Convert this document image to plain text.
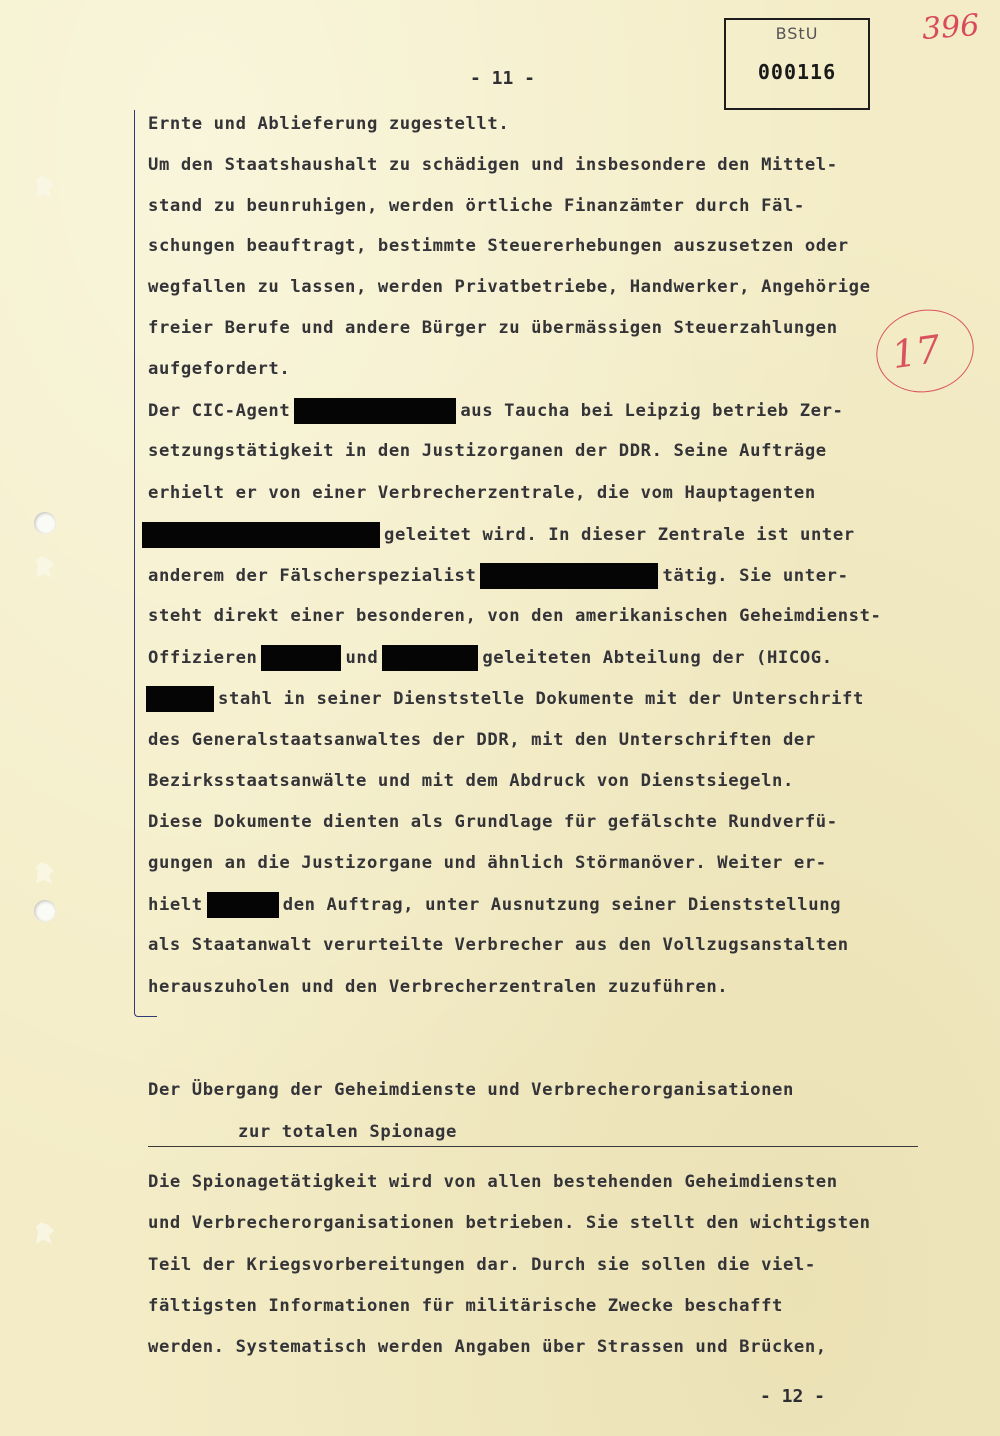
BStU
000116
396
- 11 -
17
Ernte und Ablieferung zugestellt.
Um den Staatshaushalt zu schädigen und insbesondere den Mittel-
stand zu beunruhigen, werden örtliche Finanzämter durch Fäl-
schungen beauftragt, bestimmte Steuererhebungen auszusetzen oder
wegfallen zu lassen, werden Privatbetriebe, Handwerker, Angehörige
freier Berufe und andere Bürger zu übermässigen Steuerzahlungen
aufgefordert.
Der CIC-Agent	aus Taucha bei Leipzig betrieb Zer-
setzungstätigkeit in den Justizorganen der DDR. Seine Aufträge
erhielt er von einer Verbrecherzentrale, die vom Hauptagenten
geleitet wird. In dieser Zentrale ist unter
anderem der Fälscherspezialist	tätig. Sie unter-
steht direkt einer besonderen, von den amerikanischen Geheimdienst-
Offizieren	und	geleiteten Abteilung der (HICOG.
stahl in seiner Dienststelle Dokumente mit der Unterschrift
des Generalstaatsanwaltes der DDR, mit den Unterschriften der
Bezirksstaatsanwälte und mit dem Abdruck von Dienstsiegeln.
Diese Dokumente dienten als Grundlage für gefälschte Rundverfü-
gungen an die Justizorgane und ähnlich Störmanöver. Weiter er-
hielt	den Auftrag, unter Ausnutzung seiner Dienststellung
als Staatanwalt verurteilte Verbrecher aus den Vollzugsanstalten
herauszuholen und den Verbrecherzentralen zuzuführen.
Der Übergang der Geheimdienste und Verbrecherorganisationen
zur totalen Spionage
Die Spionagetätigkeit wird von allen bestehenden Geheimdiensten
und Verbrecherorganisationen betrieben. Sie stellt den wichtigsten
Teil der Kriegsvorbereitungen dar. Durch sie sollen die viel-
fältigsten Informationen für militärische Zwecke beschafft
werden. Systematisch werden Angaben über Strassen und Brücken,
- 12 -
